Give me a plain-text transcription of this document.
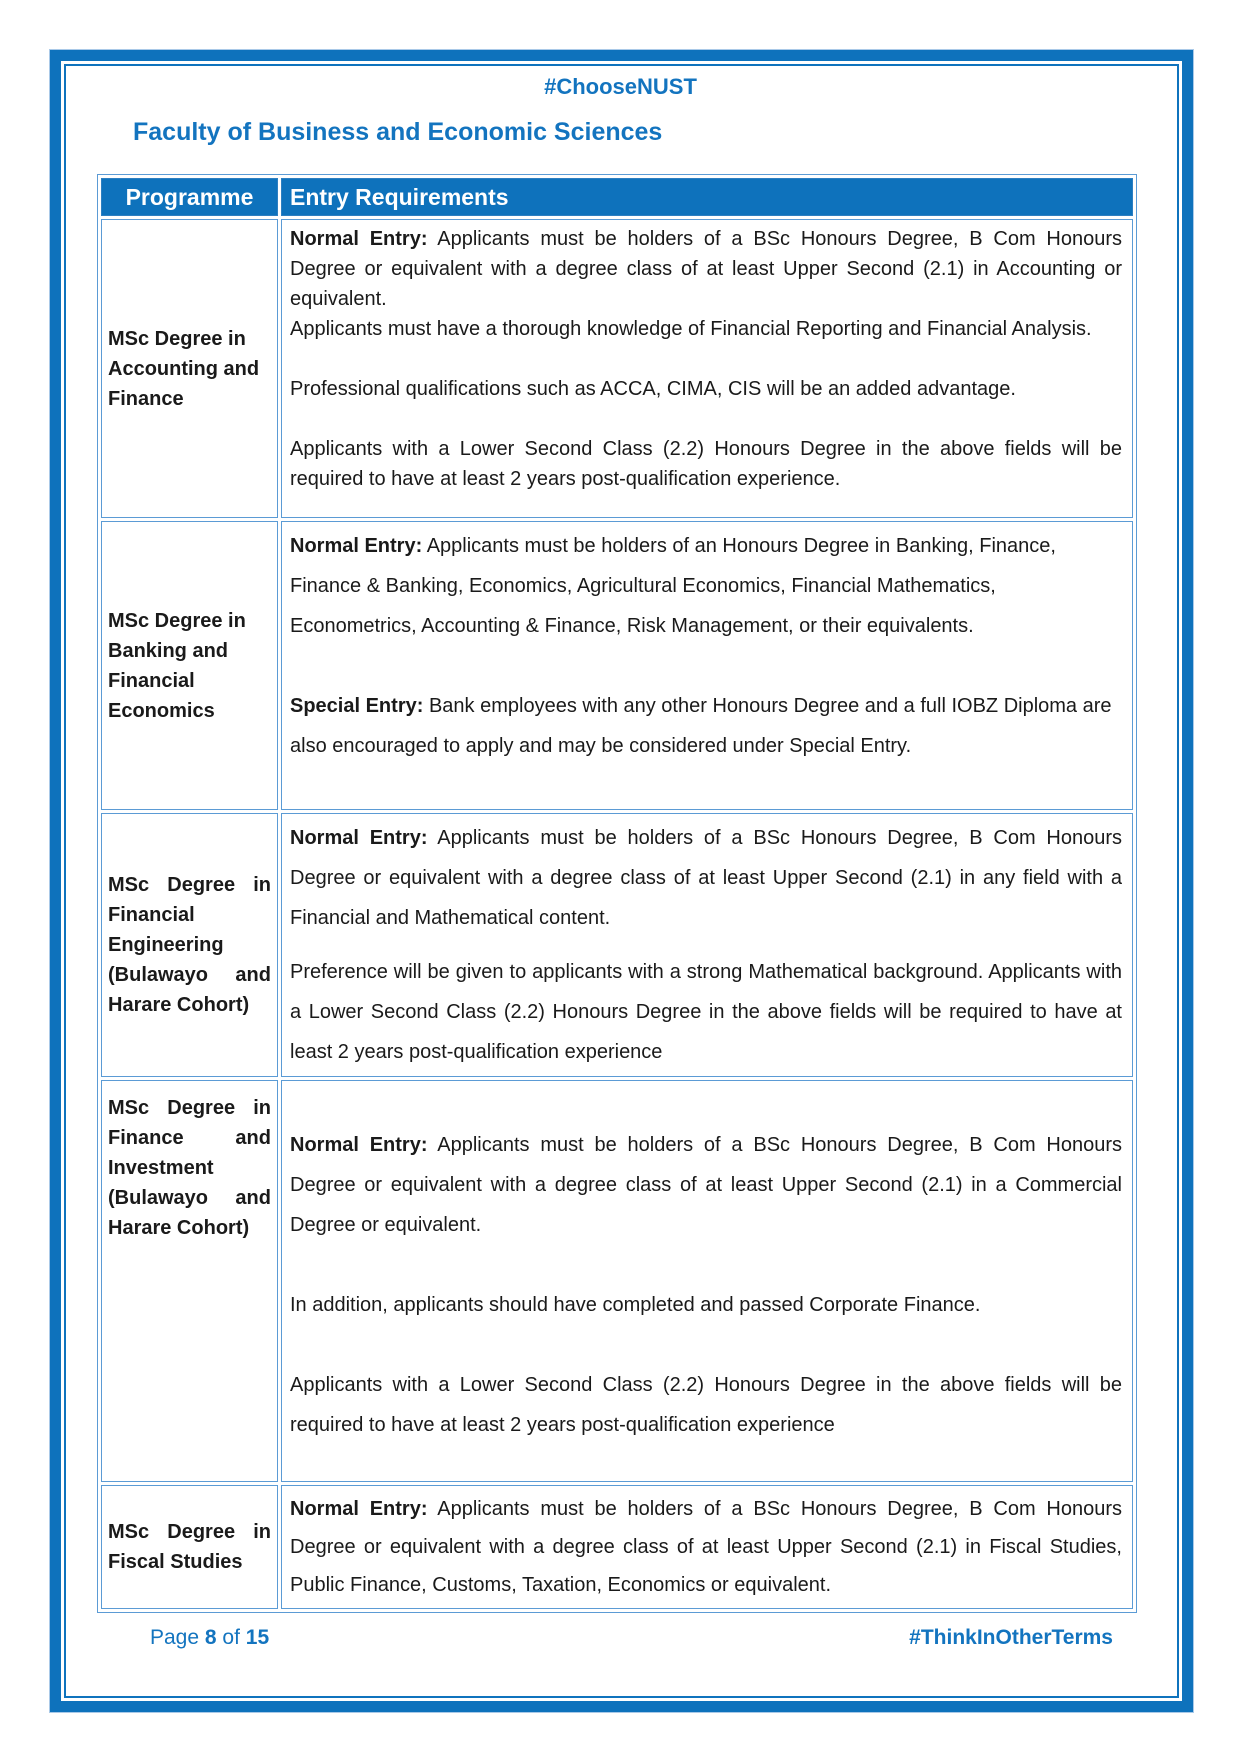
#ChooseNUST
Faculty of Business and Economic Sciences
Programme	Entry Requirements
MSc Degree in Accounting and Finance	Normal Entry: Applicants must be holders of a BSc Honours Degree, B Com Honours Degree or equivalent with a degree class of at least Upper Second (2.1) in Accounting or equivalent.

Applicants must have a thorough knowledge of Financial Reporting and Financial Analysis.

Professional qualifications such as ACCA, CIMA, CIS will be an added advantage.

Applicants with a Lower Second Class (2.2) Honours Degree in the above fields will be required to have at least 2 years post-qualification experience.

MSc Degree in Banking and Financial Economics	Normal Entry: Applicants must be holders of an Honours Degree in Banking, Finance, Finance & Banking, Economics, Agricultural Economics, Financial Mathematics, Econometrics, Accounting & Finance, Risk Management, or their equivalents.

Special Entry: Bank employees with any other Honours Degree and a full IOBZ Diploma are also encouraged to apply and may be considered under Special Entry.

MSc Degree in Financial Engineering (Bulawayo and Harare Cohort)	Normal Entry: Applicants must be holders of a BSc Honours Degree, B Com Honours Degree or equivalent with a degree class of at least Upper Second (2.1) in any field with a Financial and Mathematical content.

Preference will be given to applicants with a strong Mathematical background. Applicants with a Lower Second Class (2.2) Honours Degree in the above fields will be required to have at least 2 years post-qualification experience

MSc Degree in Finance and Investment (Bulawayo and Harare Cohort)	Normal Entry: Applicants must be holders of a BSc Honours Degree, B Com Honours Degree or equivalent with a degree class of at least Upper Second (2.1) in a Commercial Degree or equivalent.

In addition, applicants should have completed and passed Corporate Finance.

Applicants with a Lower Second Class (2.2) Honours Degree in the above fields will be required to have at least 2 years post-qualification experience

MSc Degree in Fiscal Studies	Normal Entry: Applicants must be holders of a BSc Honours Degree, B Com Honours Degree or equivalent with a degree class of at least Upper Second (2.1) in Fiscal Studies, Public Finance, Customs, Taxation, Economics or equivalent.

Page 8 of 15	#ThinkInOtherTerms
